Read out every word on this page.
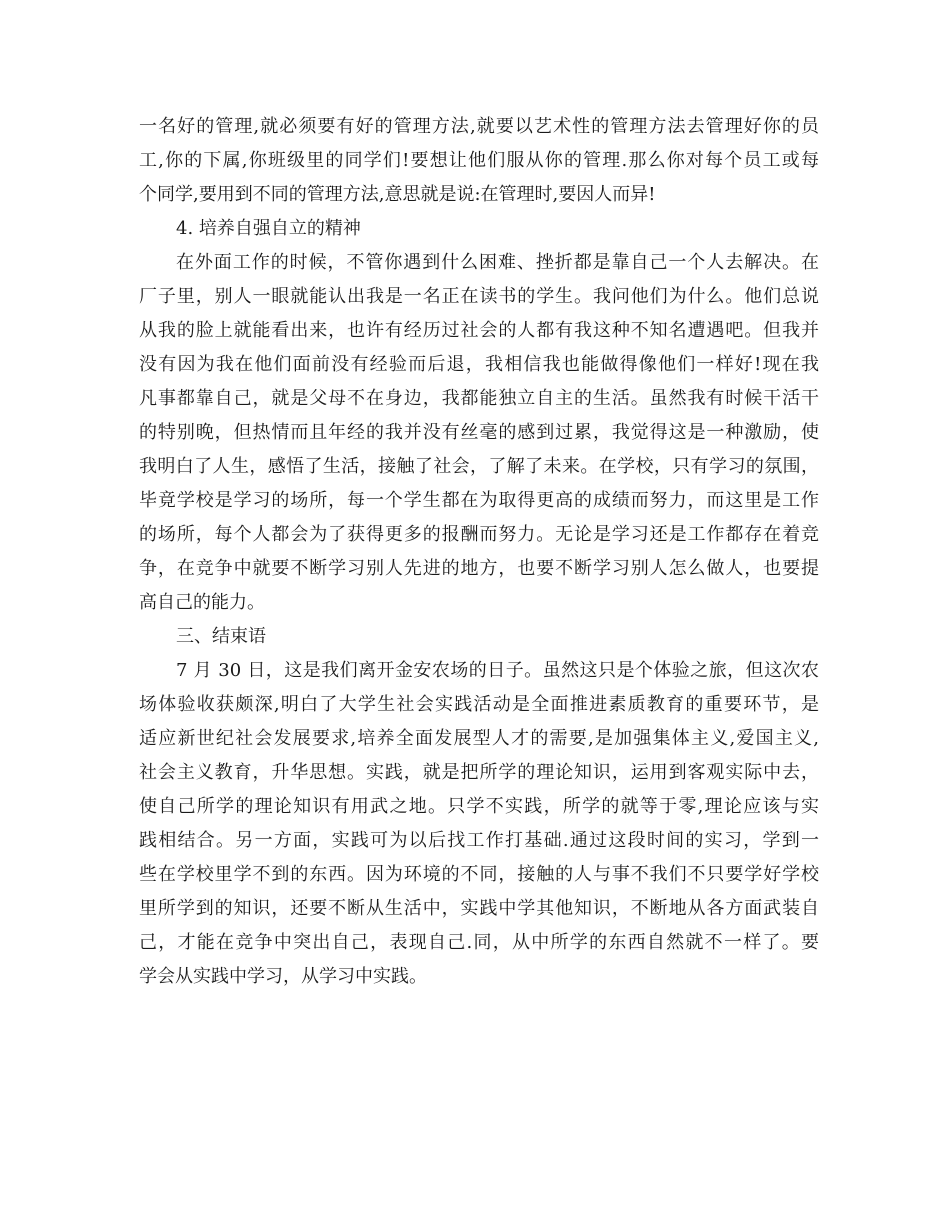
一名好的管理,就必须要有好的管理方法,就要以艺术性的管理方法去管理好你的员
工,你的下属,你班级里的同学们!要想让他们服从你的管理.那么你对每个员工或每
个同学,要用到不同的管理方法,意思就是说:在管理时,要因人而异!
4. 培养自强自立的精神
在外面工作的时候，不管你遇到什么困难、挫折都是靠自己一个人去解决。在
厂子里，别人一眼就能认出我是一名正在读书的学生。我问他们为什么。他们总说
从我的脸上就能看出来，也许有经历过社会的人都有我这种不知名遭遇吧。但我并
没有因为我在他们面前没有经验而后退，我相信我也能做得像他们一样好!现在我
凡事都靠自己，就是父母不在身边，我都能独立自主的生活。虽然我有时候干活干
的特别晚，但热情而且年经的我并没有丝毫的感到过累，我觉得这是一种激励，使
我明白了人生，感悟了生活，接触了社会，了解了未来。在学校，只有学习的氛围，
毕竟学校是学习的场所，每一个学生都在为取得更高的成绩而努力，而这里是工作
的场所，每个人都会为了获得更多的报酬而努力。无论是学习还是工作都存在着竞
争，在竞争中就要不断学习别人先进的地方，也要不断学习别人怎么做人，也要提
高自己的能力。
三、结束语
7 月 30 日，这是我们离开金安农场的日子。虽然这只是个体验之旅，但这次农
场体验收获颇深,明白了大学生社会实践活动是全面推进素质教育的重要环节，是
适应新世纪社会发展要求,培养全面发展型人才的需要,是加强集体主义,爱国主义,
社会主义教育，升华思想。实践，就是把所学的理论知识，运用到客观实际中去，
使自己所学的理论知识有用武之地。只学不实践，所学的就等于零,理论应该与实
践相结合。另一方面，实践可为以后找工作打基础.通过这段时间的实习，学到一
些在学校里学不到的东西。因为环境的不同，接触的人与事不我们不只要学好学校
里所学到的知识，还要不断从生活中，实践中学其他知识，不断地从各方面武装自
己，才能在竞争中突出自己，表现自己.同，从中所学的东西自然就不一样了。要
学会从实践中学习，从学习中实践。
